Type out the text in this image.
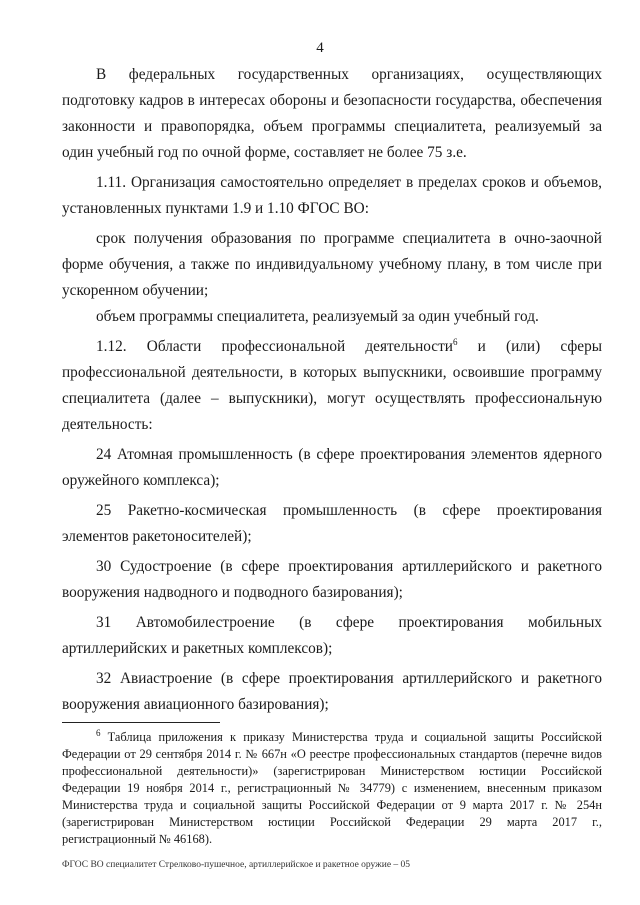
4

В федеральных государственных организациях, осуществляющих подготовку кадров в интересах обороны и безопасности государства, обеспечения законности и правопорядка, объем программы специалитета, реализуемый за один учебный год по очной форме, составляет не более 75 з.е.

1.11. Организация самостоятельно определяет в пределах сроков и объемов, установленных пунктами 1.9 и 1.10 ФГОС ВО:

срок получения образования по программе специалитета в очно-заочной форме обучения, а также по индивидуальному учебному плану, в том числе при ускоренном обучении;

объем программы специалитета, реализуемый за один учебный год.

1.12. Области профессиональной деятельности$^6$ и (или) сферы профессиональной деятельности, в которых выпускники, освоившие программу специалитета (далее – выпускники), могут осуществлять профессиональную деятельность:

24 Атомная промышленность (в сфере проектирования элементов ядерного оружейного комплекса);

25 Ракетно-космическая промышленность (в сфере проектирования элементов ракетоносителей);

30 Судостроение (в сфере проектирования артиллерийского и ракетного вооружения надводного и подводного базирования);

31 Автомобилестроение (в сфере проектирования мобильных артиллерийских и ракетных комплексов);

32 Авиастроение (в сфере проектирования артиллерийского и ракетного вооружения авиационного базирования);

$^6$ Таблица приложения к приказу Министерства труда и социальной защиты Российской Федерации от 29 сентября 2014 г. № 667н «О реестре профессиональных стандартов (перечне видов профессиональной деятельности)» (зарегистрирован Министерством юстиции Российской Федерации 19 ноября 2014 г., регистрационный № 34779) с изменением, внесенным приказом Министерства труда и социальной защиты Российской Федерации от 9 марта 2017 г. № 254н (зарегистрирован Министерством юстиции Российской Федерации 29 марта 2017 г., регистрационный № 46168).
ФГОС ВО специалитет Стрелково-пушечное, артиллерийское и ракетное оружие – 05
